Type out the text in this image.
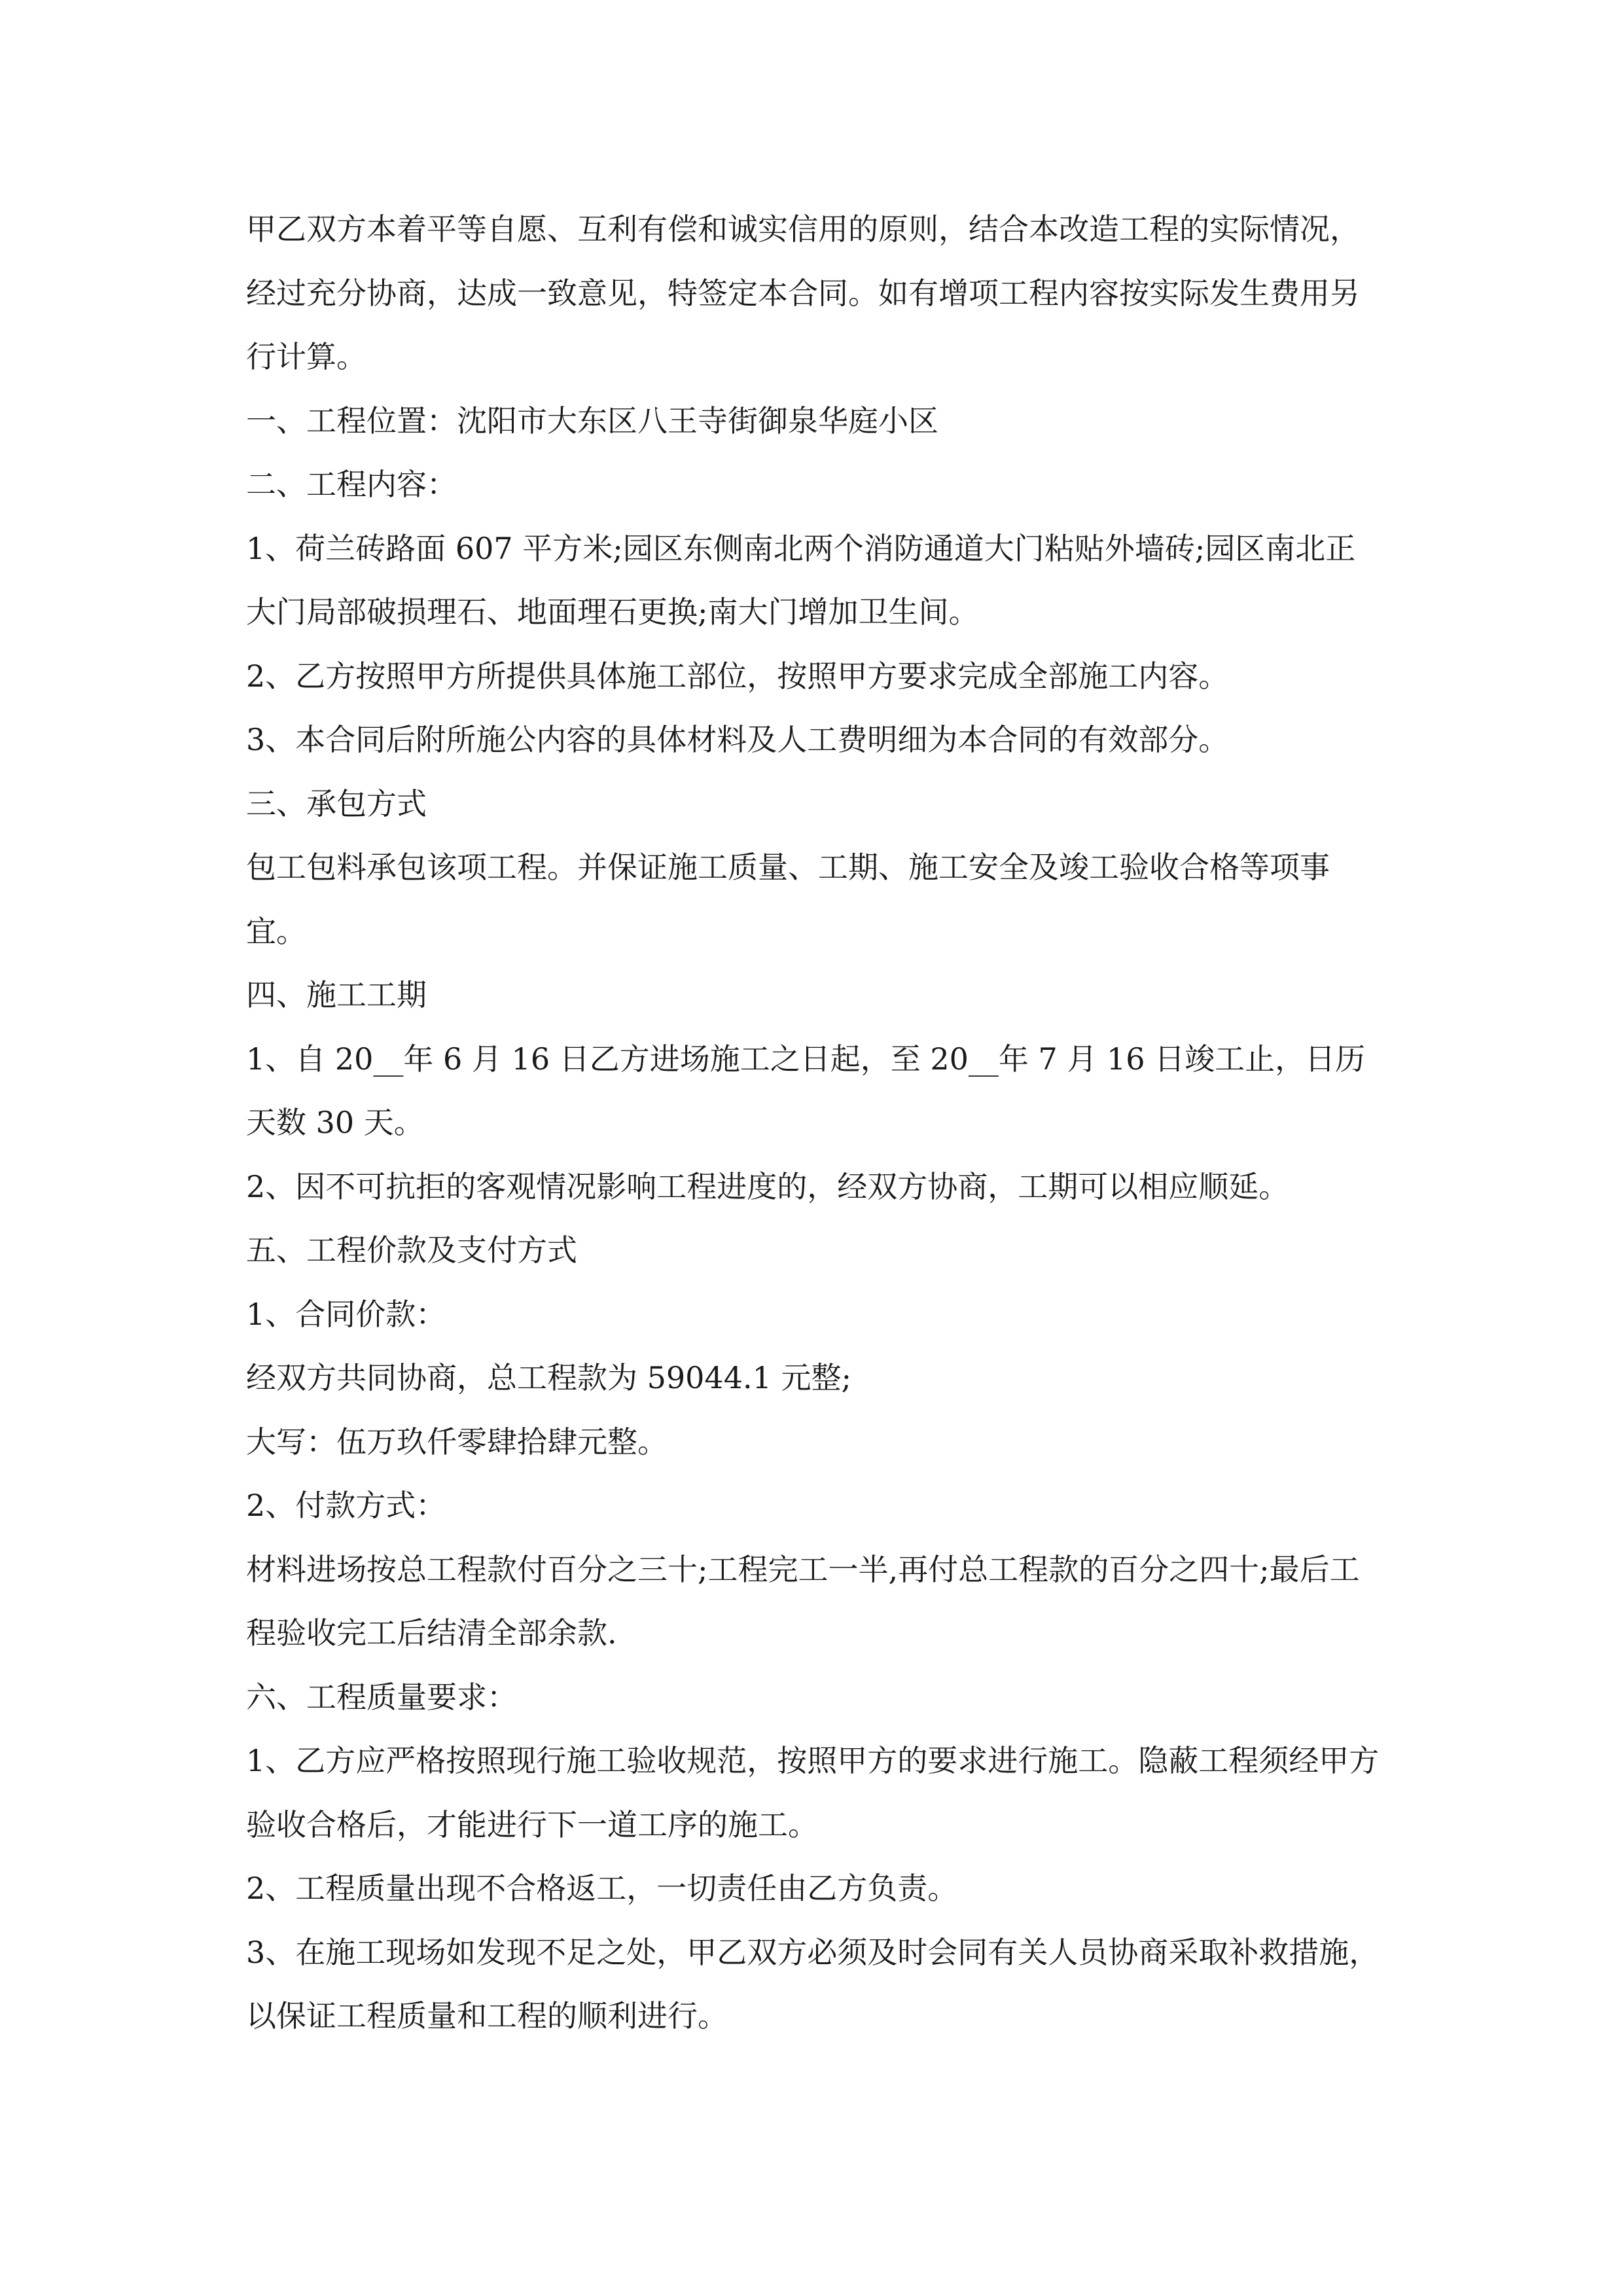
甲乙双方本着平等自愿、互利有偿和诚实信用的原则，结合本改造工程的实际情况，经过充分协商，达成一致意见，特签定本合同。如有增项工程内容按实际发生费用另行计算。

一、工程位置：沈阳市大东区八王寺街御泉华庭小区

二、工程内容：

1、荷兰砖路面 607 平方米;园区东侧南北两个消防通道大门粘贴外墙砖;园区南北正大门局部破损理石、地面理石更换;南大门增加卫生间。

2、乙方按照甲方所提供具体施工部位，按照甲方要求完成全部施工内容。

3、本合同后附所施公内容的具体材料及人工费明细为本合同的有效部分。

三、承包方式

包工包料承包该项工程。并保证施工质量、工期、施工安全及竣工验收合格等项事宜。

四、施工工期

1、自 20__年 6 月 16 日乙方进场施工之日起，至 20__年 7 月 16 日竣工止，日历天数 30 天。

2、因不可抗拒的客观情况影响工程进度的，经双方协商，工期可以相应顺延。

五、工程价款及支付方式

1、合同价款：

经双方共同协商，总工程款为 59044.1 元整;

大写：伍万玖仟零肆拾肆元整。

2、付款方式：

材料进场按总工程款付百分之三十;工程完工一半,再付总工程款的百分之四十;最后工程验收完工后结清全部余款.

六、工程质量要求：

1、乙方应严格按照现行施工验收规范，按照甲方的要求进行施工。隐蔽工程须经甲方验收合格后，才能进行下一道工序的施工。

2、工程质量出现不合格返工，一切责任由乙方负责。

3、在施工现场如发现不足之处，甲乙双方必须及时会同有关人员协商采取补救措施，以保证工程质量和工程的顺利进行。
